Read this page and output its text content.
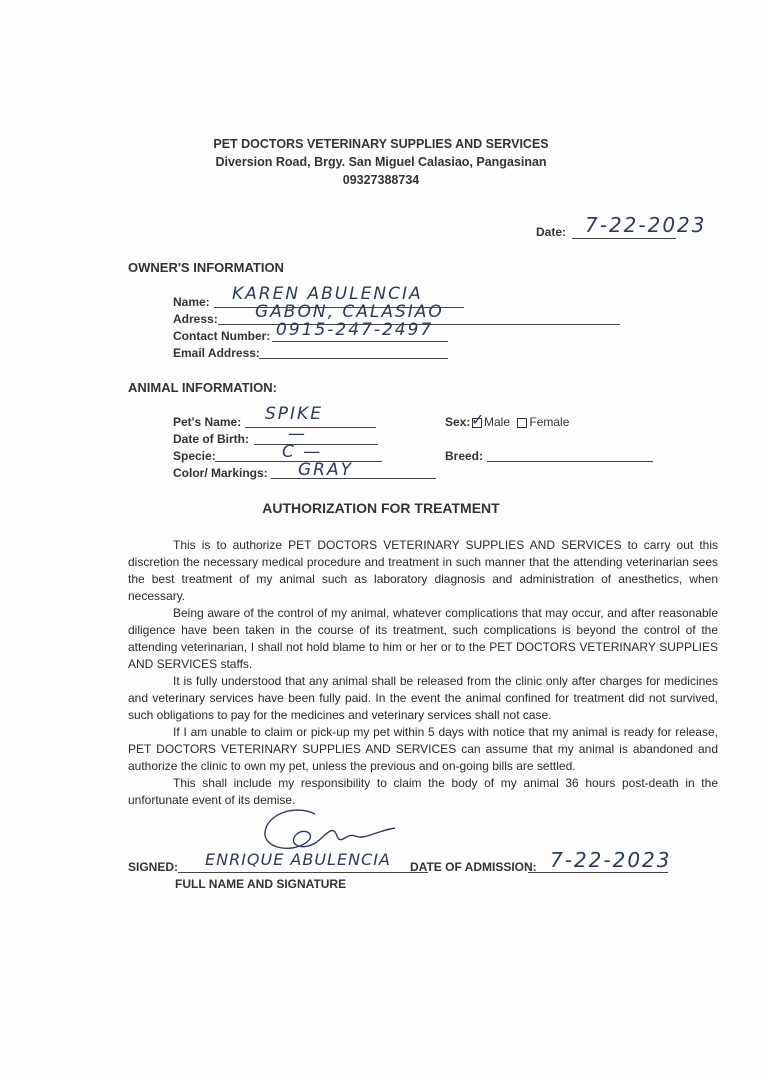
PET DOCTORS VETERINARY SUPPLIES AND SERVICES
Diversion Road, Brgy. San Miguel Calasiao, Pangasinan
09327388734
Date: 7-22-2023
OWNER'S INFORMATION
Name: KAREN ABULENCIA
Adress: GABON, CALASIAO
Contact Number: 0915-247-2497
Email Address:
ANIMAL INFORMATION:
Pet's Name: SPIKE
Date of Birth: —
Specie:	C —
Color/ Markings: GRAY
Sex: ✓ Male Female
Breed:
AUTHORIZATION FOR TREATMENT

This is to authorize PET DOCTORS VETERINARY SUPPLIES AND SERVICES to carry out this discretion the necessary medical procedure and treatment in such manner that the attending veterinarian sees the best treatment of my animal such as laboratory diagnosis and administration of anesthetics, when necessary.

Being aware of the control of my animal, whatever complications that may occur, and after reasonable diligence have been taken in the course of its treatment, such complications is beyond the control of the attending veterinarian, I shall not hold blame to him or her or to the PET DOCTORS VETERINARY SUPPLIES AND SERVICES staffs.

It is fully understood that any animal shall be released from the clinic only after charges for medicines and veterinary services have been fully paid. In the event the animal confined for treatment did not survived, such obligations to pay for the medicines and veterinary services shall not case.

If I am unable to claim or pick-up my pet within 5 days with notice that my animal is ready for release, PET DOCTORS VETERINARY SUPPLIES AND SERVICES can assume that my animal is abandoned and authorize the clinic to own my pet, unless the previous and on-going bills are settled.

This shall include my responsibility to claim the body of my animal 36 hours post-death in the unfortunate event of its demise.

SIGNED: ENRIQUE ABULENCIA DATE OF ADMISSION: 7-22-2023
FULL NAME AND SIGNATURE
